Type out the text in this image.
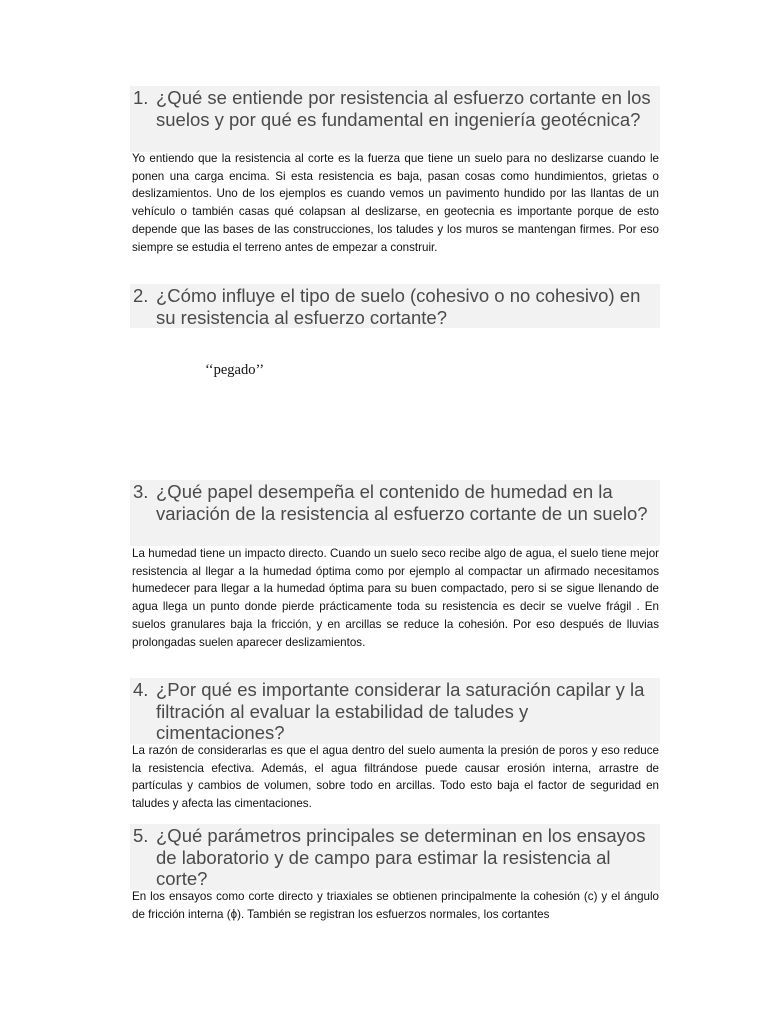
1. ¿Qué se entiende por resistencia al esfuerzo cortante en los suelos y por qué es fundamental en ingeniería geotécnica?
Yo entiendo que la resistencia al corte es la fuerza que tiene un suelo para no deslizarse cuando le ponen una carga encima. Si esta resistencia es baja, pasan cosas como hundimientos, grietas o deslizamientos. Uno de los ejemplos es cuando vemos un pavimento hundido por las llantas de un vehículo o también casas qué colapsan al deslizarse, en geotecnia es importante porque de esto depende que las bases de las construcciones, los taludes y los muros se mantengan firmes. Por eso siempre se estudia el terreno antes de empezar a construir.
2. ¿Cómo influye el tipo de suelo (cohesivo o no cohesivo) en su resistencia al esfuerzo cortante?
‘‘pegado’’
3. ¿Qué papel desempeña el contenido de humedad en la variación de la resistencia al esfuerzo cortante de un suelo?
La humedad tiene un impacto directo. Cuando un suelo seco recibe algo de agua, el suelo tiene mejor resistencia al llegar a la humedad óptima como por ejemplo al compactar un afirmado necesitamos humedecer para llegar a la humedad óptima para su buen compactado, pero si se sigue llenando de agua llega un punto donde pierde prácticamente toda su resistencia es decir se vuelve frágil . En suelos granulares baja la fricción, y en arcillas se reduce la cohesión. Por eso después de lluvias prolongadas suelen aparecer deslizamientos.
4. ¿Por qué es importante considerar la saturación capilar y la filtración al evaluar la estabilidad de taludes y cimentaciones?
La razón de considerarlas es que el agua dentro del suelo aumenta la presión de poros y eso reduce la resistencia efectiva. Además, el agua filtrándose puede causar erosión interna, arrastre de partículas y cambios de volumen, sobre todo en arcillas. Todo esto baja el factor de seguridad en taludes y afecta las cimentaciones.
5. ¿Qué parámetros principales se determinan en los ensayos de laboratorio y de campo para estimar la resistencia al corte?
En los ensayos como corte directo y triaxiales se obtienen principalmente la cohesión (c) y el ángulo de fricción interna (ϕ). También se registran los esfuerzos normales, los cortantes
